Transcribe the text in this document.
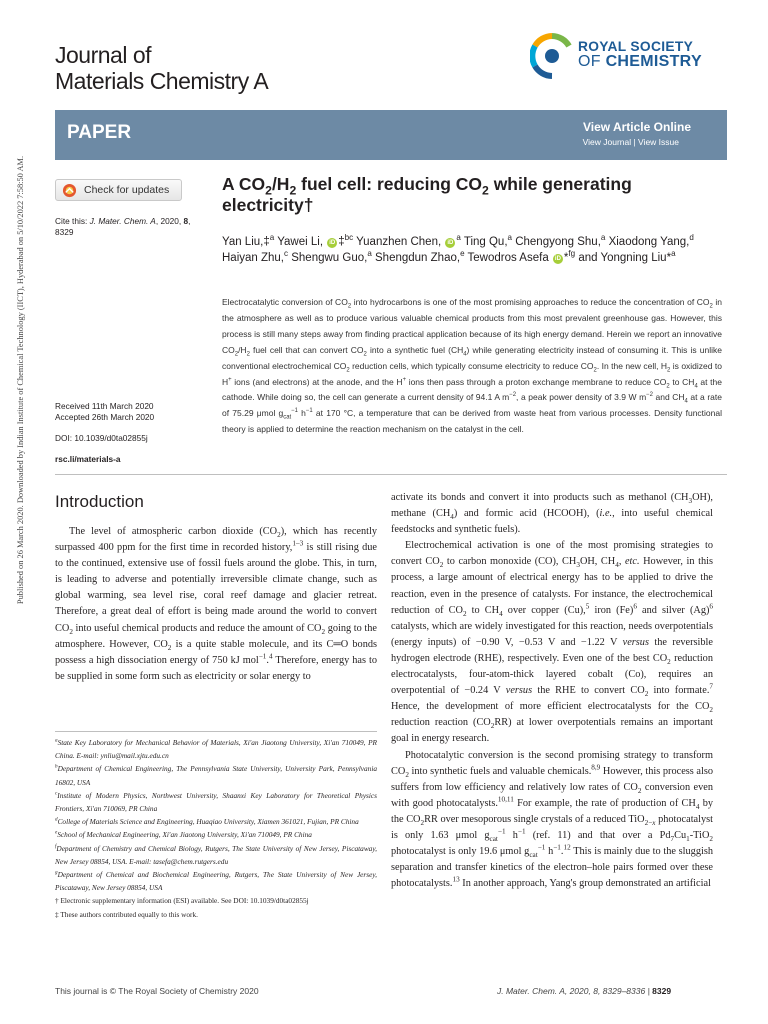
Published on 26 March 2020. Downloaded by Indian Institute of Chemical Technology (IICT), Hyderabad on 5/10/2022 7:58:50 AM.
Journal of
Materials Chemistry A
ROYAL SOCIETY
OF CHEMISTRY
PAPER	View Article Online
View Journal | View Issue
Check for updates
Cite this: J. Mater. Chem. A, 2020, 8,
8329
A $CO_2/H_2$ fuel cell: reducing $CO_2$ while generating electricity†
Yan Liu,‡$^a$ Yawei Li, iD ‡$^{bc}$ Yuanzhen Chen, $iD^a$ Ting Qu,$^a$ Chengyong Shu,$^a$ Xiaodong Yang,$^d$ Haiyan Zhu,$^c$ Shengwu Guo,$^a$ Shengdun Zhao,$^e$ Tewodros Asefa iD *$^{fg}$ and Yongning Liu*$^a$
Electrocatalytic conversion of $CO_2$ into hydrocarbons is one of the most promising approaches to reduce the concentration of $CO_2$ in the atmosphere as well as to produce various valuable chemical products from this most prevalent greenhouse gas. However, this process is still many steps away from finding practical application because of its high energy demand. Herein we report an innovative $CO_2/H_2$ fuel cell that can convert $CO_2$ into a synthetic fuel $(CH_4)$ while generating electricity instead of consuming it. This is unlike conventional electrochemical $CO_2$ reduction cells, which typically consume electricity to reduce $CO_2$. In the new cell, $H_2$ is oxidized to H+ ions (and electrons) at the anode, and the H+ ions then pass through a proton exchange membrane to reduce $CO_2$ to $CH_4$ at the cathode. While doing so, the cell can generate a current density of 94.1 A $m^{-2}$, a peak power density of 3.9 W $m^{-2}$ and $CH_4$ at a rate of 75.29 μmol $g_{cat}^{-1}$ $h^{-1}$ at 170 °C, a temperature that can be derived from waste heat from various processes. Density functional theory is applied to determine the reaction mechanism on the catalyst in the cell.
Received 11th March 2020
Accepted 26th March 2020
DOI: 10.1039/d0ta02855j
rsc.li/materials-a
Introduction

The level of atmospheric carbon dioxide $(CO_2)$, which has recently surpassed 400 ppm for the first time in recorded history,$^{1-3}$ is still rising due to the continued, extensive use of fossil fuels around the globe. This, in turn, is leading to adverse and potentially irreversible climate change, such as global warming, sea level rise, coral reef damage and glacier retreat. Therefore, a great deal of effort is being made around the world to convert $CO_2$ into useful chemical products and reduce the amount of $CO_2$ going to the atmosphere. However, $CO_2$ is a quite stable molecule, and its C═O bonds possess a high dissociation energy of 750 kJ mol$^{-1}$.$^4$ Therefore, energy has to be supplied in some form such as electricity or solar energy to

$^a$State Key Laboratory for Mechanical Behavior of Materials, Xi'an Jiaotong University, Xi'an 710049, PR China. E-mail: ynliu@mail.xjtu.edu.cn
$^b$Department of Chemical Engineering, The Pennsylvania State University, University Park, Pennsylvania 16802, USA
$^c$Institute of Modern Physics, Northwest University, Shaanxi Key Laboratory for Theoretical Physics Frontiers, Xi'an 710069, PR China
$^d$College of Materials Science and Engineering, Huaqiao University, Xiamen 361021, Fujian, PR China
$^e$School of Mechanical Engineering, Xi'an Jiaotong University, Xi'an 710049, PR China
$^f$Department of Chemistry and Chemical Biology, Rutgers, The State University of New Jersey, Piscataway, New Jersey 08854, USA. E-mail: tasefa@chem.rutgers.edu
$^g$Department of Chemical and Biochemical Engineering, Rutgers, The State University of New Jersey, Piscataway, New Jersey 08854, USA
† Electronic supplementary information (ESI) available. See DOI: 10.1039/d0ta02855j
‡ These authors contributed equally to this work.

activate its bonds and convert it into products such as methanol $(CH_3OH)$, methane $(CH_4)$ and formic acid (HCOOH), (i.e., into useful chemical feedstocks and synthetic fuels).

Electrochemical activation is one of the most promising strategies to convert $CO_2$ to carbon monoxide (CO), $CH_3OH$, $CH_4$, etc. However, in this process, a large amount of electrical energy has to be applied to drive the reaction, even in the presence of catalysts. For instance, the electrochemical reduction of $CO_2$ to $CH_4$ over copper (Cu),$^5$ iron $(Fe)^6$ and silver $(Ag)^6$ catalysts, which are widely investigated for this reaction, needs overpotentials (energy inputs) of −0.90 V, −0.53 V and −1.22 V versus the reversible hydrogen electrode (RHE), respectively. Even one of the best $CO_2$ reduction electrocatalysts, four-atom-thick layered cobalt (Co), requires an overpotential of −0.24 V versus the RHE to convert $CO_2$ into formate.$^7$ Hence, the development of more efficient electrocatalysts for the $CO_2$ reduction reaction $(CO_2RR)$ at lower overpotentials remains an important goal in energy research.

Photocatalytic conversion is the second promising strategy to transform $CO_2$ into synthetic fuels and valuable chemicals.$^{8,9}$ However, this process also suffers from low efficiency and relatively low rates of $CO_2$ conversion even with good photocatalysts.$^{10,11}$ For example, the rate of production of $CH_4$ by the $CO_2RR$ over mesoporous single crystals of a reduced TiO$_{2-x}$ photocatalyst is only 1.63 μmol $g_{cat}^{-1}$ $h^{-1}$ (ref. 11) and that over a $Pd_7Cu_1-TiO_2$ photocatalyst is only 19.6 μmol $g_{cat}^{-1}$ $h^{-1}.^{12}$ This is mainly due to the sluggish separation and transfer kinetics of the electron–hole pairs formed over these photocatalysts.$^{13}$ In another approach, Yang's group demonstrated an artificial

This journal is © The Royal Society of Chemistry 2020	J. Mater. Chem. A, 2020, 8, 8329–8336 | 8329
